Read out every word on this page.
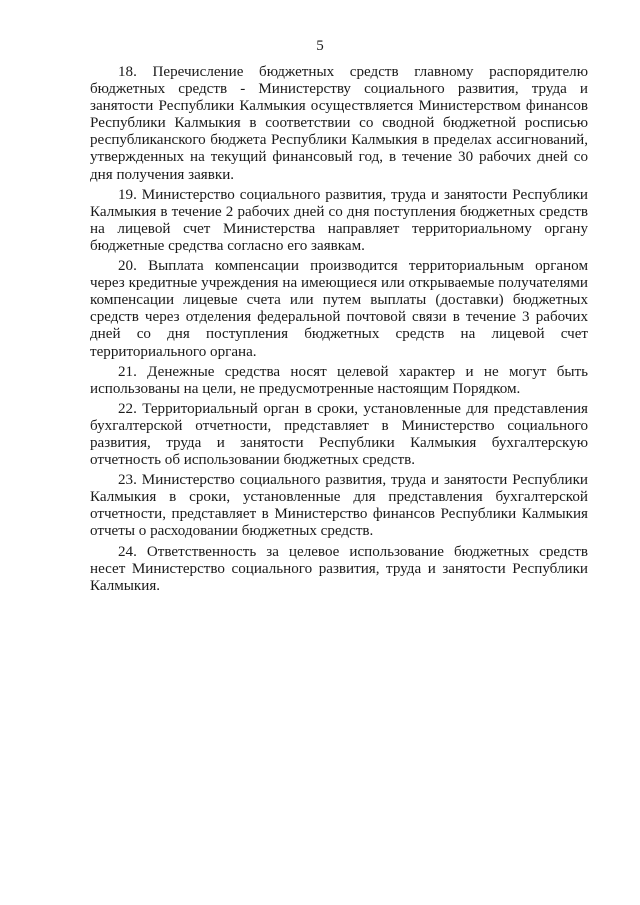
5

18. Перечисление бюджетных средств главному распорядителю бюджетных средств - Министерству социального развития, труда и занятости Республики Калмыкия осуществляется Министерством финансов Республики Калмыкия в соответствии со сводной бюджетной росписью республиканского бюджета Республики Калмыкия в пределах ассигнований, утвержденных на текущий финансовый год, в течение 30 рабочих дней со дня получения заявки.

19. Министерство социального развития, труда и занятости Республики Калмыкия в течение 2 рабочих дней со дня поступления бюджетных средств на лицевой счет Министерства направляет территориальному органу бюджетные средства согласно его заявкам.

20. Выплата компенсации производится территориальным органом через кредитные учреждения на имеющиеся или открываемые получателями компенсации лицевые счета или путем выплаты (доставки) бюджетных средств через отделения федеральной почтовой связи в течение 3 рабочих дней со дня поступления бюджетных средств на лицевой счет территориального органа.

21. Денежные средства носят целевой характер и не могут быть использованы на цели, не предусмотренные настоящим Порядком.

22. Территориальный орган в сроки, установленные для представления бухгалтерской отчетности, представляет в Министерство социального развития, труда и занятости Республики Калмыкия бухгалтерскую отчетность об использовании бюджетных средств.

23. Министерство социального развития, труда и занятости Республики Калмыкия в сроки, установленные для представления бухгалтерской отчетности, представляет в Министерство финансов Республики Калмыкия отчеты о расходовании бюджетных средств.

24. Ответственность за целевое использование бюджетных средств несет Министерство социального развития, труда и занятости Республики Калмыкия.
